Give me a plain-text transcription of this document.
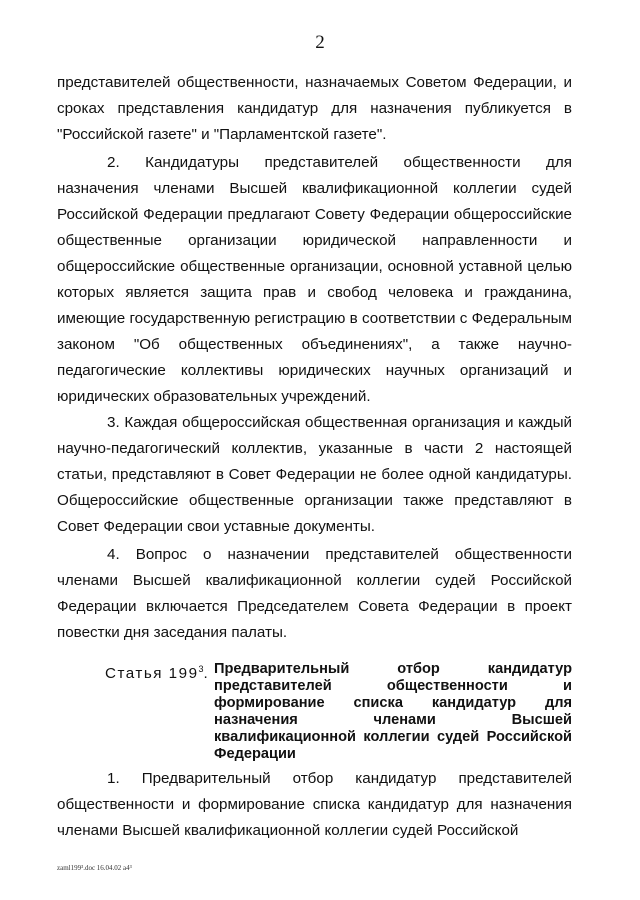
2
представителей общественности, назначаемых Советом Федерации, и сроках представления кандидатур для назначения публикуется в "Российской газете" и "Парламентской газете".
2. Кандидатуры представителей общественности для назначения членами Высшей квалификационной коллегии судей Российской Федерации предлагают Совету Федерации общероссийские общественные организации юридической направленности и общероссийские общественные организации, основной уставной целью которых является защита прав и свобод человека и гражданина, имеющие государственную регистрацию в соответствии с Федеральным законом "Об общественных объединениях", а также научно-педагогические коллективы юридических научных организаций и юридических образовательных учреждений.
3. Каждая общероссийская общественная организация и каждый научно-педагогический коллектив, указанные в части 2 настоящей статьи, представляют в Совет Федерации не более одной кандидатуры. Общероссийские общественные организации также представляют в Совет Федерации свои уставные документы.
4. Вопрос о назначении представителей общественности членами Высшей квалификационной коллегии судей Российской Федерации включается Председателем Совета Федерации в проект повестки дня заседания палаты.
Статья $199^3$. Предварительный отбор кандидатур представителей общественности и формирование списка кандидатур для назначения членами Высшей квалификационной коллегии судей Российской Федерации
1. Предварительный отбор кандидатур представителей общественности и формирование списка кандидатур для назначения членами Высшей квалификационной коллегии судей Российской
zaml199³.doc 16.04.02 a4³
